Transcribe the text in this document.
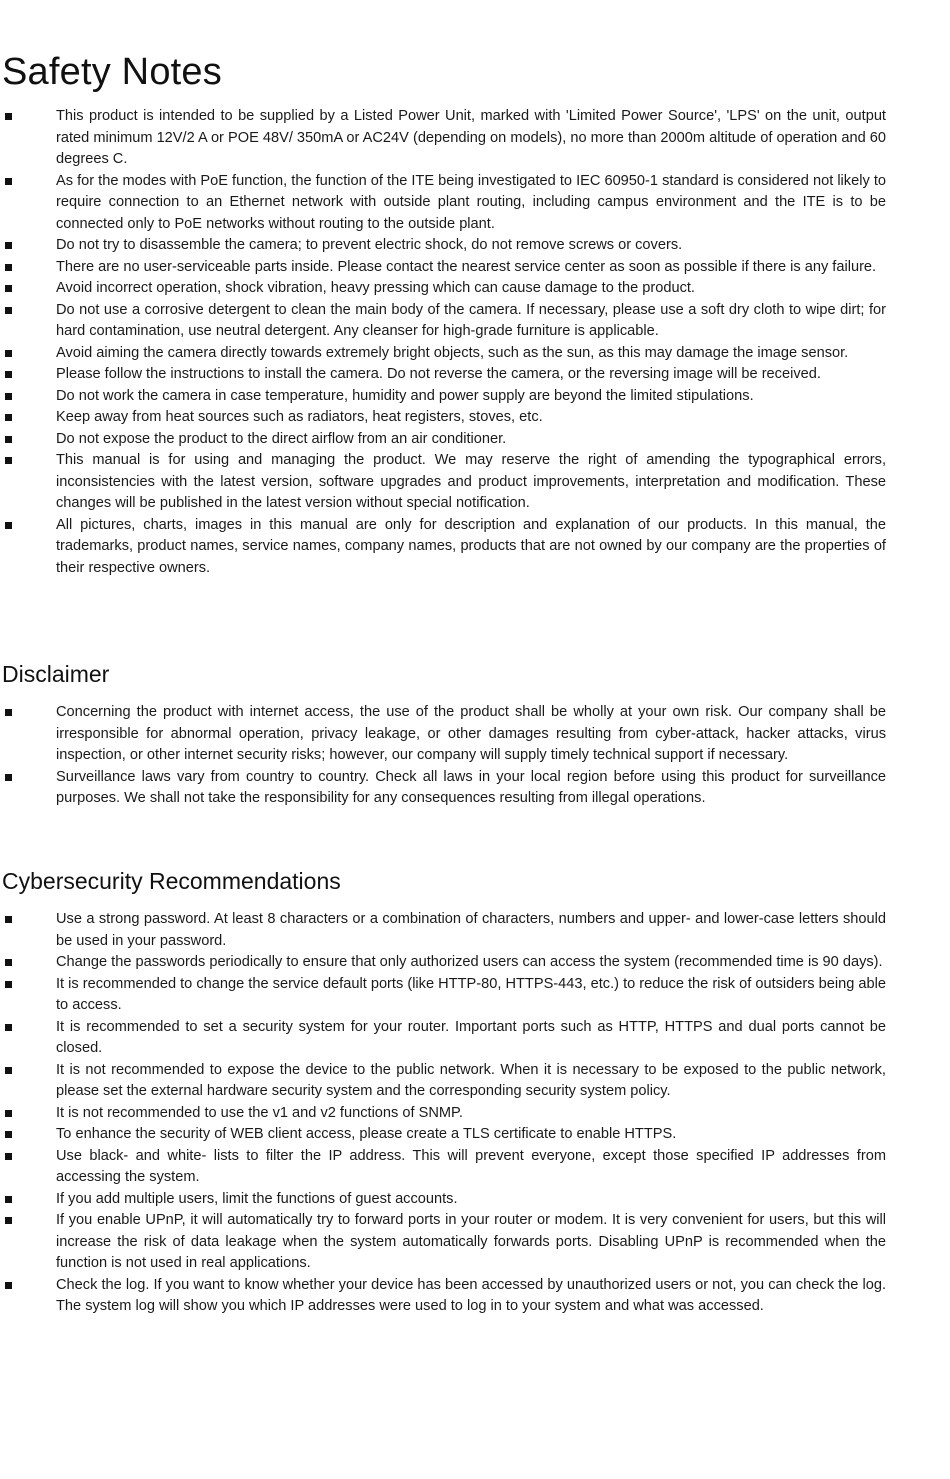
Safety Notes
This product is intended to be supplied by a Listed Power Unit, marked with 'Limited Power Source', 'LPS' on the unit, output rated minimum 12V/2 A or POE 48V/ 350mA or AC24V (depending on models), no more than 2000m altitude of operation and 60 degrees C.
As for the modes with PoE function, the function of the ITE being investigated to IEC 60950-1 standard is considered not likely to require connection to an Ethernet network with outside plant routing, including campus environment and the ITE is to be connected only to PoE networks without routing to the outside plant.
Do not try to disassemble the camera; to prevent electric shock, do not remove screws or covers.
There are no user-serviceable parts inside. Please contact the nearest service center as soon as possible if there is any failure.
Avoid incorrect operation, shock vibration, heavy pressing which can cause damage to the product.
Do not use a corrosive detergent to clean the main body of the camera. If necessary, please use a soft dry cloth to wipe dirt; for hard contamination, use neutral detergent. Any cleanser for high-grade furniture is applicable.
Avoid aiming the camera directly towards extremely bright objects, such as the sun, as this may damage the image sensor.
Please follow the instructions to install the camera. Do not reverse the camera, or the reversing image will be received.
Do not work the camera in case temperature, humidity and power supply are beyond the limited stipulations.
Keep away from heat sources such as radiators, heat registers, stoves, etc.
Do not expose the product to the direct airflow from an air conditioner.
This manual is for using and managing the product. We may reserve the right of amending the typographical errors, inconsistencies with the latest version, software upgrades and product improvements, interpretation and modification. These changes will be published in the latest version without special notification.
All pictures, charts, images in this manual are only for description and explanation of our products. In this manual, the trademarks, product names, service names, company names, products that are not owned by our company are the properties of their respective owners.
Disclaimer
Concerning the product with internet access, the use of the product shall be wholly at your own risk. Our company shall be irresponsible for abnormal operation, privacy leakage, or other damages resulting from cyber-attack, hacker attacks, virus inspection, or other internet security risks; however, our company will supply timely technical support if necessary.
Surveillance laws vary from country to country. Check all laws in your local region before using this product for surveillance purposes. We shall not take the responsibility for any consequences resulting from illegal operations.
Cybersecurity Recommendations
Use a strong password. At least 8 characters or a combination of characters, numbers and upper- and lower-case letters should be used in your password.
Change the passwords periodically to ensure that only authorized users can access the system (recommended time is 90 days).
It is recommended to change the service default ports (like HTTP-80, HTTPS-443, etc.) to reduce the risk of outsiders being able to access.
It is recommended to set a security system for your router. Important ports such as HTTP, HTTPS and dual ports cannot be closed.
It is not recommended to expose the device to the public network. When it is necessary to be exposed to the public network, please set the external hardware security system and the corresponding security system policy.
It is not recommended to use the v1 and v2 functions of SNMP.
To enhance the security of WEB client access, please create a TLS certificate to enable HTTPS.
Use black- and white- lists to filter the IP address. This will prevent everyone, except those specified IP addresses from accessing the system.
If you add multiple users, limit the functions of guest accounts.
If you enable UPnP, it will automatically try to forward ports in your router or modem. It is very convenient for users, but this will increase the risk of data leakage when the system automatically forwards ports. Disabling UPnP is recommended when the function is not used in real applications.
Check the log. If you want to know whether your device has been accessed by unauthorized users or not, you can check the log. The system log will show you which IP addresses were used to log in to your system and what was accessed.
